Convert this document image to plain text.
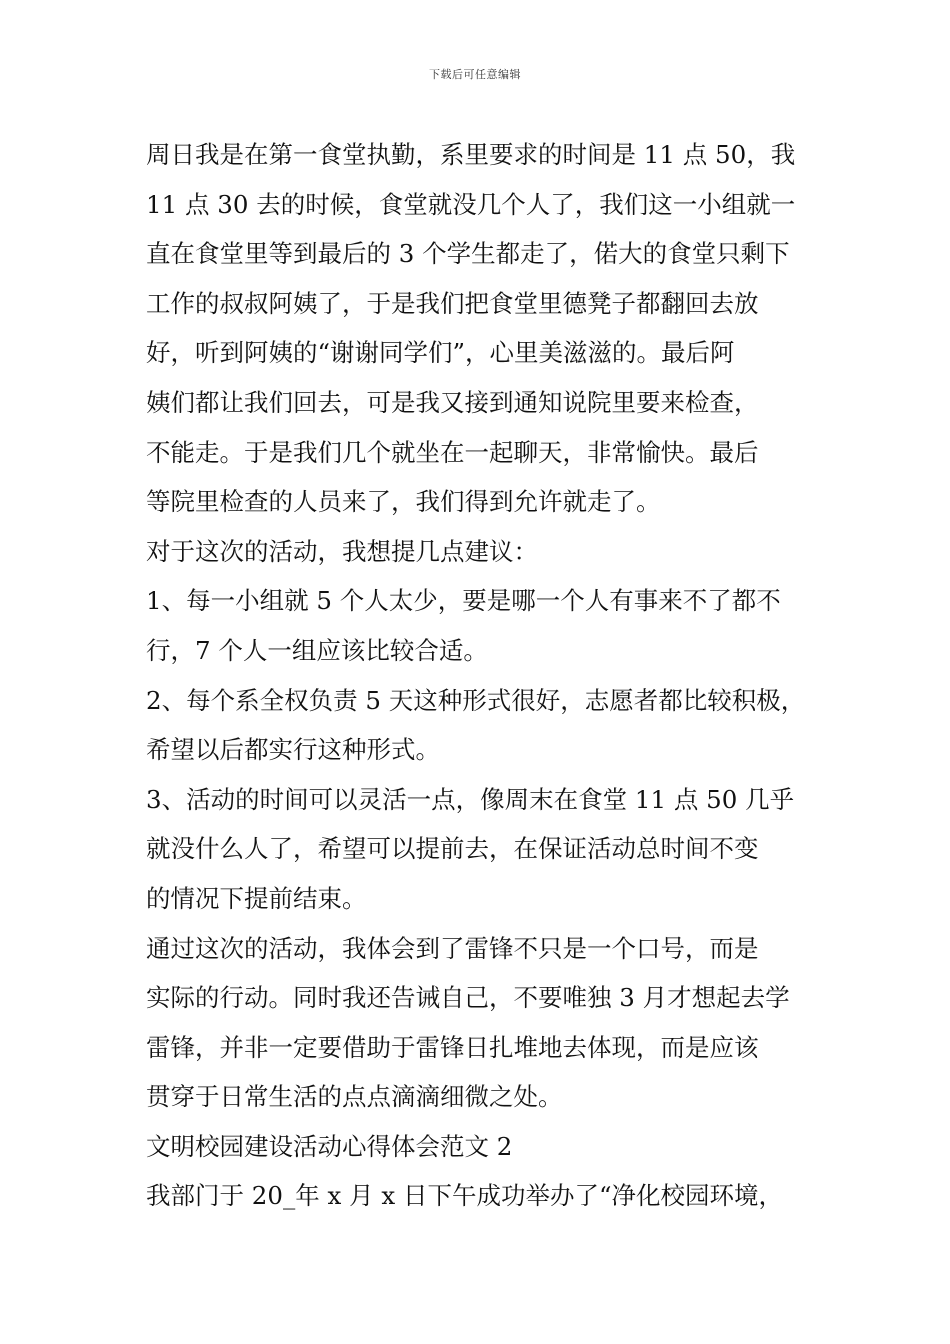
下载后可任意编辑
周日我是在第一食堂执勤，系里要求的时间是 11 点 50，我
11 点 30 去的时候，食堂就没几个人了，我们这一小组就一
直在食堂里等到最后的 3 个学生都走了，偌大的食堂只剩下
工作的叔叔阿姨了，于是我们把食堂里德凳子都翻回去放
好，听到阿姨的“谢谢同学们”，心里美滋滋的。最后阿
姨们都让我们回去，可是我又接到通知说院里要来检查，
不能走。于是我们几个就坐在一起聊天，非常愉快。最后
等院里检查的人员来了，我们得到允许就走了。
对于这次的活动，我想提几点建议：
1、每一小组就 5 个人太少，要是哪一个人有事来不了都不
行，7 个人一组应该比较合适。
2、每个系全权负责 5 天这种形式很好，志愿者都比较积极，
希望以后都实行这种形式。
3、活动的时间可以灵活一点，像周末在食堂 11 点 50 几乎
就没什么人了，希望可以提前去，在保证活动总时间不变
的情况下提前结束。
通过这次的活动，我体会到了雷锋不只是一个口号，而是
实际的行动。同时我还告诫自己，不要唯独 3 月才想起去学
雷锋，并非一定要借助于雷锋日扎堆地去体现，而是应该
贯穿于日常生活的点点滴滴细微之处。
文明校园建设活动心得体会范文 2
我部门于 20_年 x 月 x 日下午成功举办了“净化校园环境，
